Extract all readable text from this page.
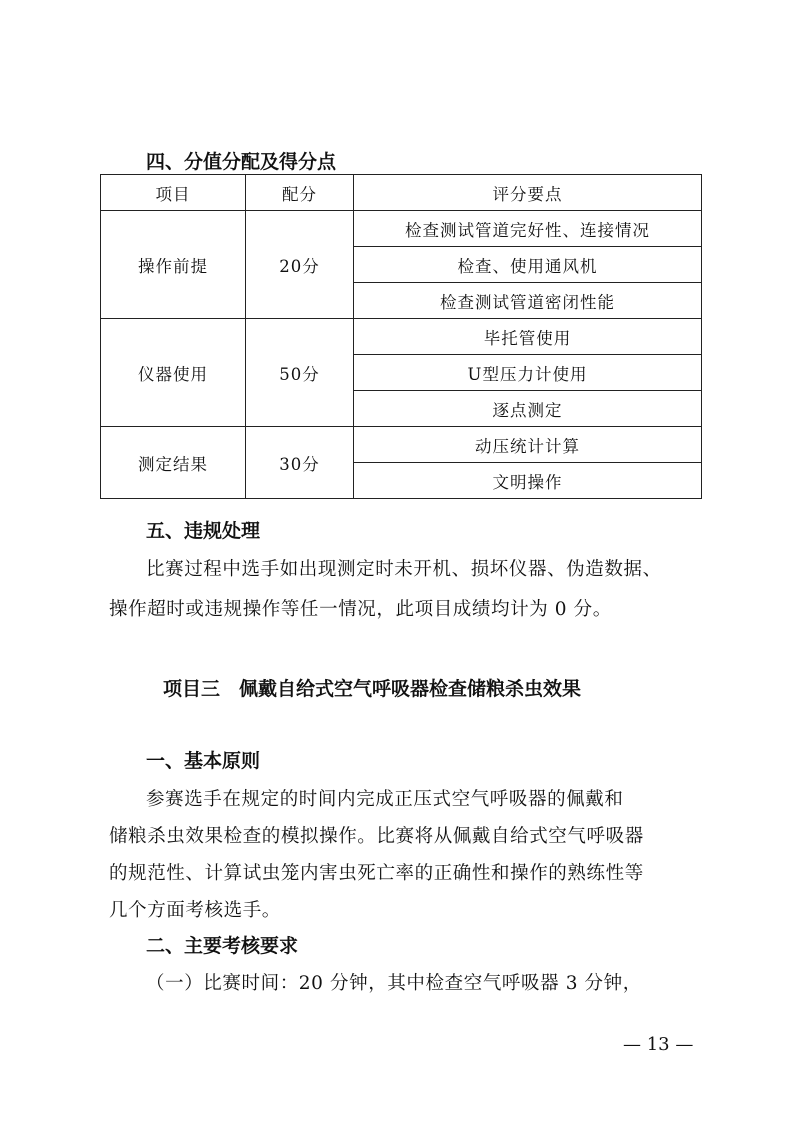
四、分值分配及得分点
项目	配分	评分要点
操作前提	20分	检查测试管道完好性、连接情况
		检查、使用通风机
		检查测试管道密闭性能
仪器使用	50分	毕托管使用
		U型压力计使用
		逐点测定
测定结果	30分	动压统计计算
		文明操作
五、违规处理
比赛过程中选手如出现测定时未开机、损坏仪器、伪造数据、
操作超时或违规操作等任一情况，此项目成绩均计为 0 分。
项目三　佩戴自给式空气呼吸器检查储粮杀虫效果
一、基本原则
参赛选手在规定的时间内完成正压式空气呼吸器的佩戴和
储粮杀虫效果检查的模拟操作。比赛将从佩戴自给式空气呼吸器
的规范性、计算试虫笼内害虫死亡率的正确性和操作的熟练性等
几个方面考核选手。
二、主要考核要求
（一）比赛时间：20 分钟，其中检查空气呼吸器 3 分钟，
— 13 —
